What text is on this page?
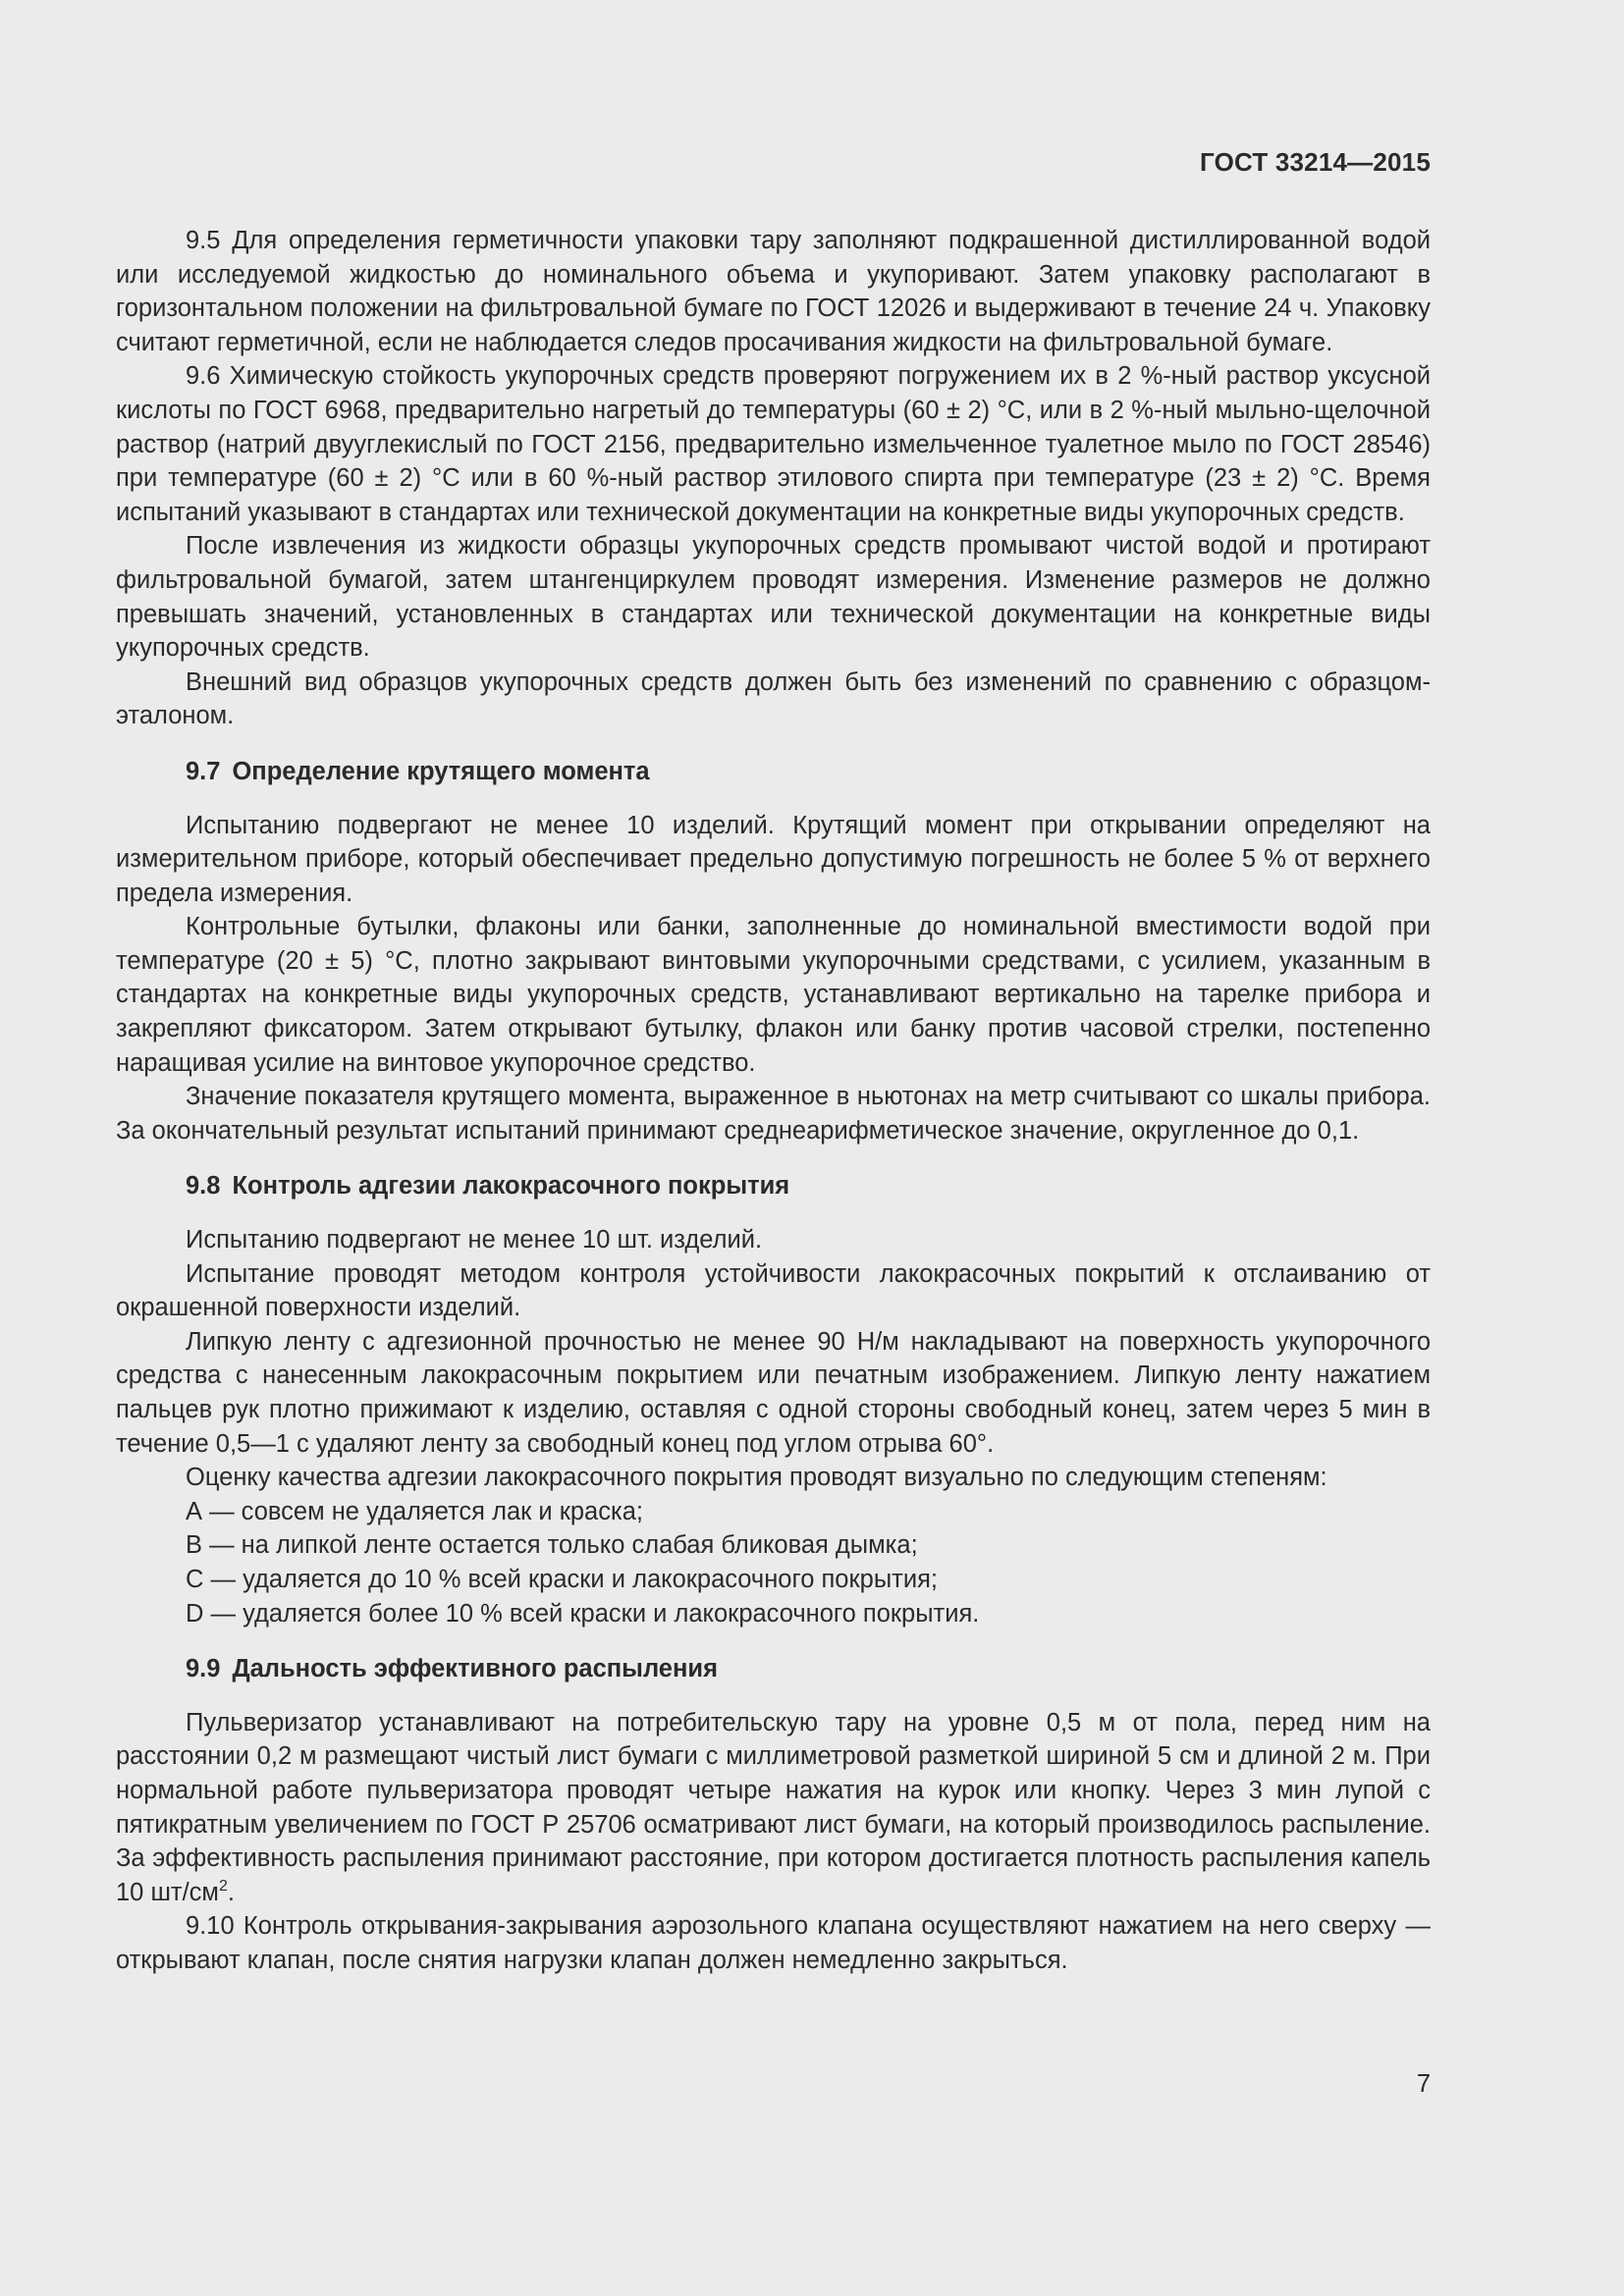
ГОСТ 33214—2015

9.5 Для определения герметичности упаковки тару заполняют подкрашенной дистиллированной водой или исследуемой жидкостью до номинального объема и укупоривают. Затем упаковку располагают в горизонтальном положении на фильтровальной бумаге по ГОСТ 12026 и выдерживают в течение 24 ч. Упаковку считают герметичной, если не наблюдается следов просачивания жидкости на фильтровальной бумаге.

9.6 Химическую стойкость укупорочных средств проверяют погружением их в 2 %-ный раствор уксусной кислоты по ГОСТ 6968, предварительно нагретый до температуры (60 ± 2) °С, или в 2 %-ный мыльно-щелочной раствор (натрий двууглекислый по ГОСТ 2156, предварительно измельченное туалетное мыло по ГОСТ 28546) при температуре (60 ± 2) °С или в 60 %-ный раствор этилового спирта при температуре (23 ± 2) °С. Время испытаний указывают в стандартах или технической документации на конкретные виды укупорочных средств.

После извлечения из жидкости образцы укупорочных средств промывают чистой водой и протирают фильтровальной бумагой, затем штангенциркулем проводят измерения. Изменение размеров не должно превышать значений, установленных в стандартах или технической документации на конкретные виды укупорочных средств.

Внешний вид образцов укупорочных средств должен быть без изменений по сравнению с образцом-эталоном.

9.7 Определение крутящего момента

Испытанию подвергают не менее 10 изделий. Крутящий момент при открывании определяют на измерительном приборе, который обеспечивает предельно допустимую погрешность не более 5 % от верхнего предела измерения.

Контрольные бутылки, флаконы или банки, заполненные до номинальной вместимости водой при температуре (20 ± 5) °С, плотно закрывают винтовыми укупорочными средствами, с усилием, указанным в стандартах на конкретные виды укупорочных средств, устанавливают вертикально на тарелке прибора и закрепляют фиксатором. Затем открывают бутылку, флакон или банку против часовой стрелки, постепенно наращивая усилие на винтовое укупорочное средство.

Значение показателя крутящего момента, выраженное в ньютонах на метр считывают со шкалы прибора. За окончательный результат испытаний принимают среднеарифметическое значение, округленное до 0,1.

9.8 Контроль адгезии лакокрасочного покрытия

Испытанию подвергают не менее 10 шт. изделий.

Испытание проводят методом контроля устойчивости лакокрасочных покрытий к отслаиванию от окрашенной поверхности изделий.

Липкую ленту с адгезионной прочностью не менее 90 Н/м накладывают на поверхность укупорочного средства с нанесенным лакокрасочным покрытием или печатным изображением. Липкую ленту нажатием пальцев рук плотно прижимают к изделию, оставляя с одной стороны свободный конец, затем через 5 мин в течение 0,5—1 с удаляют ленту за свободный конец под углом отрыва 60°.

Оценку качества адгезии лакокрасочного покрытия проводят визуально по следующим степеням:

А — совсем не удаляется лак и краска;

В — на липкой ленте остается только слабая бликовая дымка;

С — удаляется до 10 % всей краски и лакокрасочного покрытия;

D — удаляется более 10 % всей краски и лакокрасочного покрытия.

9.9 Дальность эффективного распыления

Пульверизатор устанавливают на потребительскую тару на уровне 0,5 м от пола, перед ним на расстоянии 0,2 м размещают чистый лист бумаги с миллиметровой разметкой шириной 5 см и длиной 2 м. При нормальной работе пульверизатора проводят четыре нажатия на курок или кнопку. Через 3 мин лупой с пятикратным увеличением по ГОСТ Р 25706 осматривают лист бумаги, на который производилось распыление. За эффективность распыления принимают расстояние, при котором достигается плотность распыления капель 10 $шт/см^2$.

9.10 Контроль открывания-закрывания аэрозольного клапана осуществляют нажатием на него сверху — открывают клапан, после снятия нагрузки клапан должен немедленно закрыться.

7
